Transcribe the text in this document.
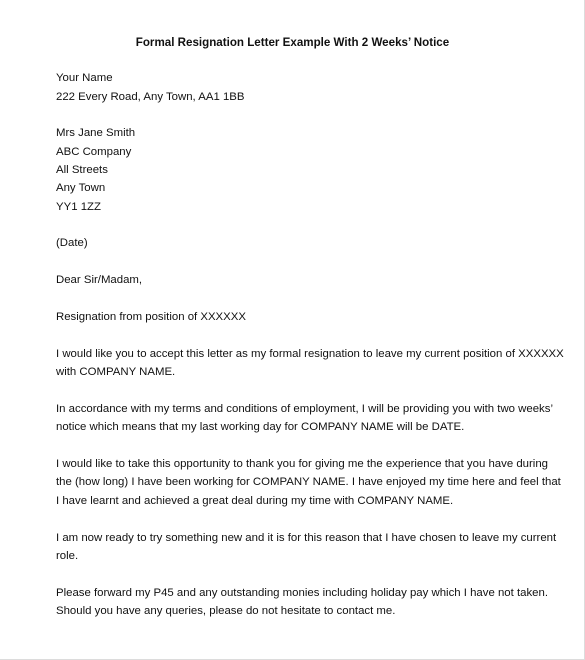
Formal Resignation Letter Example With 2 Weeks’ Notice
Your Name
222 Every Road, Any Town, AA1 1BB
Mrs Jane Smith
ABC Company
All Streets
Any Town
YY1 1ZZ
(Date)
Dear Sir/Madam,
Resignation from position of XXXXXX
I would like you to accept this letter as my formal resignation to leave my current position of XXXXXX
with COMPANY NAME.
In accordance with my terms and conditions of employment, I will be providing you with two weeks’
notice which means that my last working day for COMPANY NAME will be DATE.
I would like to take this opportunity to thank you for giving me the experience that you have during
the (how long) I have been working for COMPANY NAME. I have enjoyed my time here and feel that
I have learnt and achieved a great deal during my time with COMPANY NAME.
I am now ready to try something new and it is for this reason that I have chosen to leave my current
role.
Please forward my P45 and any outstanding monies including holiday pay which I have not taken.
Should you have any queries, please do not hesitate to contact me.
